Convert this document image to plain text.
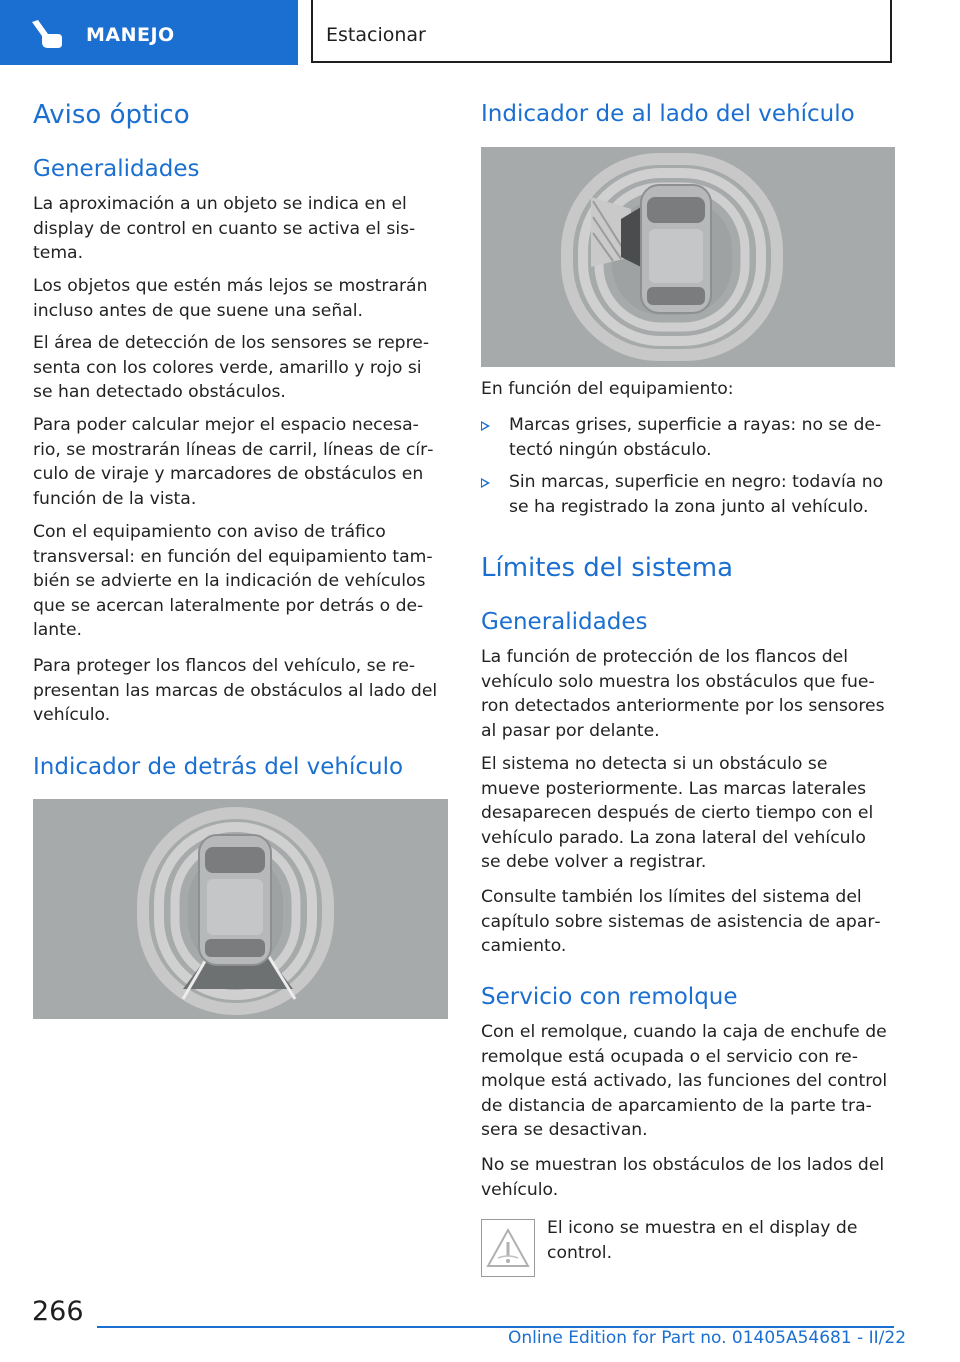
MANEJO	Estacionar
Aviso óptico
Generalidades
La aproximación a un objeto se indica en el
display de control en cuanto se activa el sis‐
tema.
Los objetos que estén más lejos se mostrarán
incluso antes de que suene una señal.
El área de detección de los sensores se repre‐
senta con los colores verde, amarillo y rojo si
se han detectado obstáculos.
Para poder calcular mejor el espacio necesa‐
rio, se mostrarán líneas de carril, líneas de cír‐
culo de viraje y marcadores de obstáculos en
función de la vista.
Con el equipamiento con aviso de tráfico
transversal: en función del equipamiento tam‐
bién se advierte en la indicación de vehículos
que se acercan lateralmente por detrás o de‐
lante.
Para proteger los flancos del vehículo, se re‐
presentan las marcas de obstáculos al lado del
vehículo.
Indicador de detrás del vehículo
Indicador de al lado del vehículo
En función del equipamiento:
Marcas grises, superficie a rayas: no se de‐
tectó ningún obstáculo.
Sin marcas, superficie en negro: todavía no
se ha registrado la zona junto al vehículo.
Límites del sistema
Generalidades
La función de protección de los flancos del
vehículo solo muestra los obstáculos que fue‐
ron detectados anteriormente por los sensores
al pasar por delante.
El sistema no detecta si un obstáculo se
mueve posteriormente. Las marcas laterales
desaparecen después de cierto tiempo con el
vehículo parado. La zona lateral del vehículo
se debe volver a registrar.
Consulte también los límites del sistema del
capítulo sobre sistemas de asistencia de apar‐
camiento.
Servicio con remolque
Con el remolque, cuando la caja de enchufe de
remolque está ocupada o el servicio con re‐
molque está activado, las funciones del control
de distancia de aparcamiento de la parte tra‐
sera se desactivan.
No se muestran los obstáculos de los lados del
vehículo.
El icono se muestra en el display de
control.
266
Online Edition for Part no. 01405A54681 - II/22
